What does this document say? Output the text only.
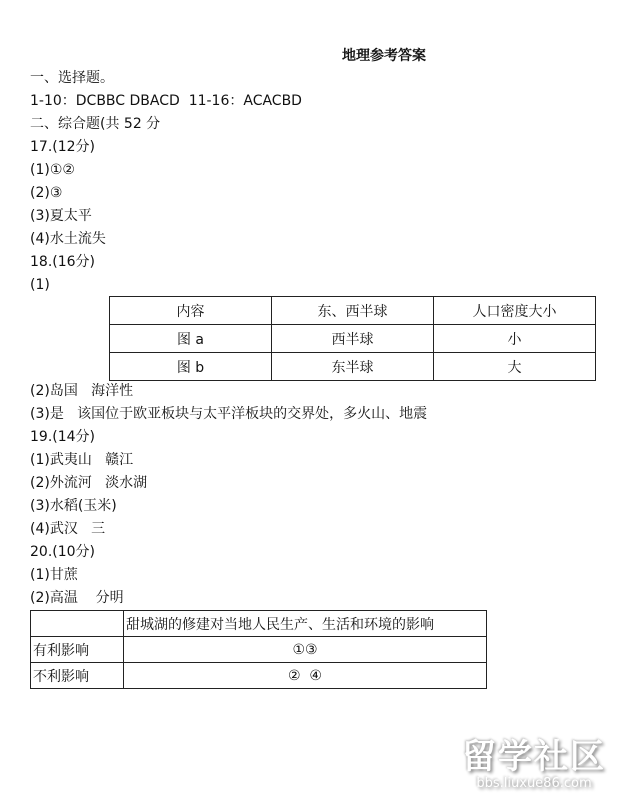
地理参考答案
一、选择题。
1-10：DCBBC DBACD  11-16：ACACBD
二、综合题(共 52 分
17.(12分)
(1)①②
(2)③
(3)夏太平
(4)水土流失
18.(16分)
(1)
内容	东、西半球	人口密度大小
图 a	西半球	小
图 b	东半球	大
(2)岛国   海洋性
(3)是   该国位于欧亚板块与太平洋板块的交界处，多火山、地震
19.(14分)
(1)武夷山   赣江
(2)外流河   淡水湖
(3)水稻(玉米)
(4)武汉   三
20.(10分)
(1)甘蔗
(2)高温    分明
	甜城湖的修建对当地人民生产、生活和环境的影响
有利影响	①③
不利影响	②  ④
留学社区
bbs.liuxue86.com
